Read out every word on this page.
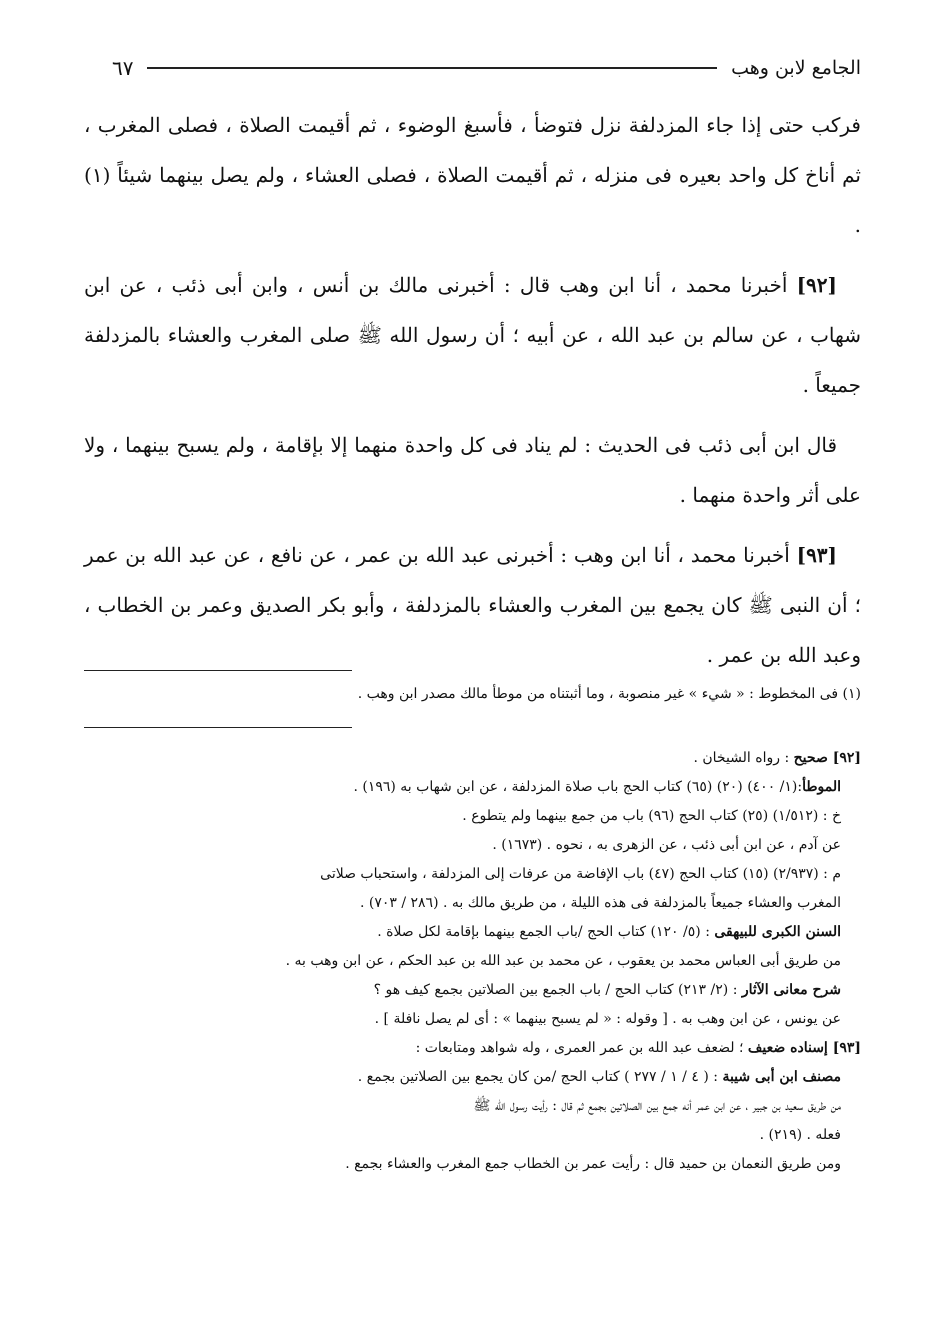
الجامع لابن وهب
٦٧

فركب حتى إذا جاء المزدلفة نزل فتوضأ ، فأسبغ الوضوء ، ثم أقيمت الصلاة ، فصلى المغرب ، ثم أناخ كل واحد بعيره فى منزله ، ثم أقيمت الصلاة ، فصلى العشاء ، ولم يصل بينهما شيئاً (١) .

[٩٢] أخبرنا محمد ، أنا ابن وهب قال : أخبرنى مالك بن أنس ، وابن أبى ذئب ، عن ابن شهاب ، عن سالم بن عبد الله ، عن أبيه ؛ أن رسول الله ﷺ صلى المغرب والعشاء بالمزدلفة جميعاً .

قال ابن أبى ذئب فى الحديث : لم يناد فى كل واحدة منهما إلا بإقامة ، ولم يسبح بينهما ، ولا على أثر واحدة منهما .

[٩٣] أخبرنا محمد ، أنا ابن وهب : أخبرنى عبد الله بن عمر ، عن نافع ، عن عبد الله بن عمر ؛ أن النبى ﷺ كان يجمع بين المغرب والعشاء بالمزدلفة ، وأبو بكر الصديق وعمر بن الخطاب ، وعبد الله بن عمر .

(١) فى المخطوط : « شيء » غير منصوبة ، وما أثبتناه من موطأ مالك مصدر ابن وهب .

[٩٢] صحيح : رواه الشيخان .

الموطأ:(١/ ٤٠٠) (٢٠) (٦٥) كتاب الحج باب صلاة المزدلفة ، عن ابن شهاب به (١٩٦) .

خ : (١/٥١٢) (٢٥) كتاب الحج (٩٦) باب من جمع بينهما ولم يتطوع .

عن آدم ، عن ابن أبى ذئب ، عن الزهرى به ، نحوه . (١٦٧٣) .

م : (٢/٩٣٧) (١٥) كتاب الحج (٤٧) باب الإفاضة من عرفات إلى المزدلفة ، واستحباب صلاتى

المغرب والعشاء جميعاً بالمزدلفة فى هذه الليلة ، من طريق مالك به . (٢٨٦ / ٧٠٣) .

السنن الكبرى للبيهقى : (٥/ ١٢٠) كتاب الحج /باب الجمع بينهما بإقامة لكل صلاة .

من طريق أبى العباس محمد بن يعقوب ، عن محمد بن عبد الله بن عبد الحكم ، عن ابن وهب به .

شرح معانى الآثار : (٢/ ٢١٣) كتاب الحج / باب الجمع بين الصلاتين بجمع كيف هو ؟

عن يونس ، عن ابن وهب به . [ وقوله : « لم يسبح بينهما » : أى لم يصل نافلة ] .

[٩٣] إسناده ضعيف ؛ لضعف عبد الله بن عمر العمرى ، وله شواهد ومتابعات :

مصنف ابن أبى شيبة : ( ٤ / ١ / ٢٧٧ ) كتاب الحج /من كان يجمع بين الصلاتين بجمع .

من طريق سعيد بن جبير ، عن ابن عمر أنه جمع بين الصلاتين بجمع ثم قال : رأيت رسول الله ﷺ

فعله . (٢١٩) .

ومن طريق النعمان بن حميد قال : رأيت عمر بن الخطاب جمع المغرب والعشاء بجمع .
